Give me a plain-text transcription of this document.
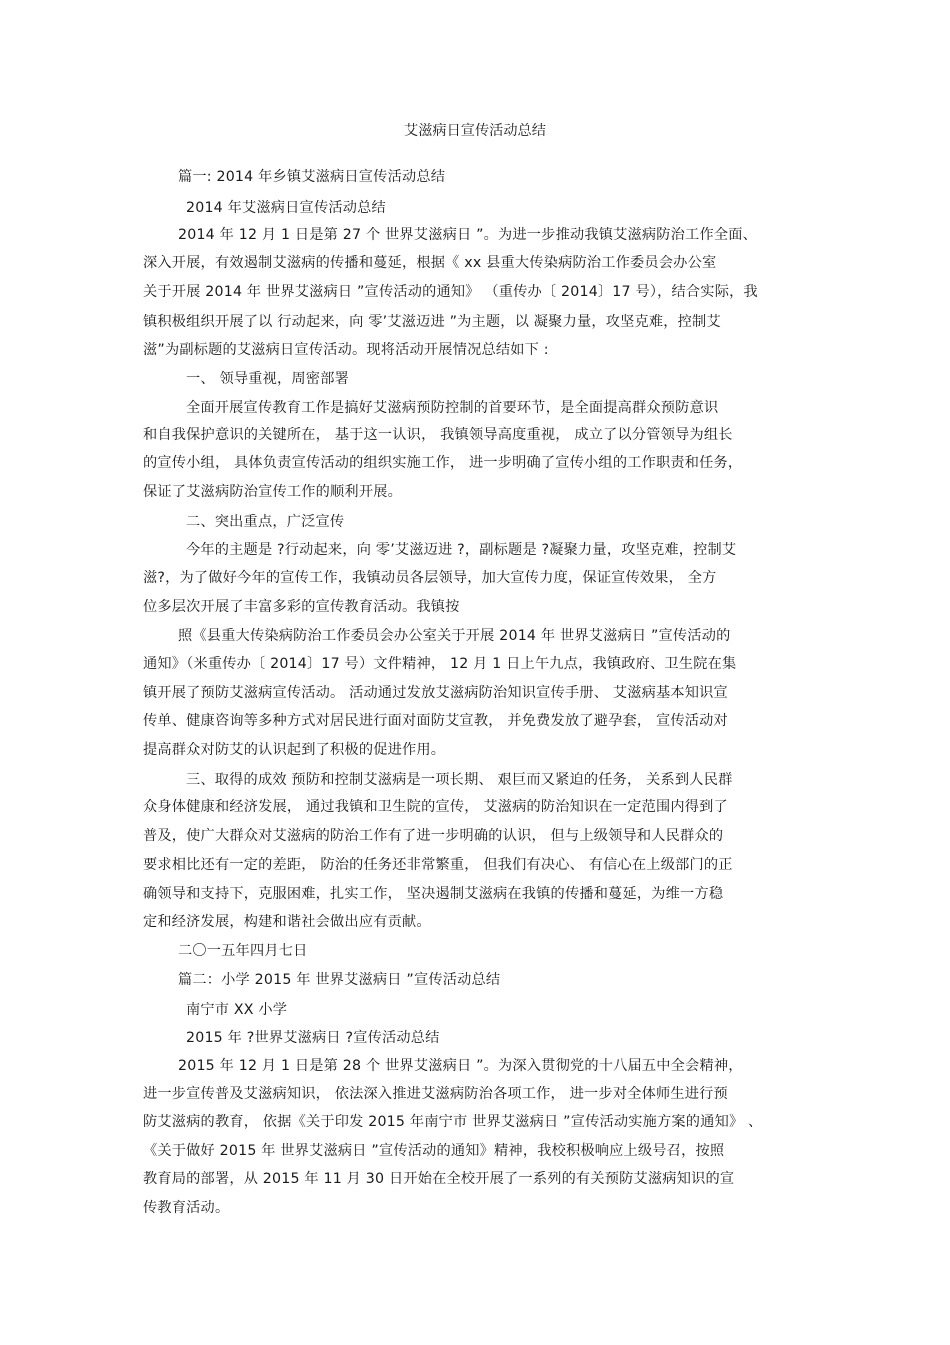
艾滋病日宣传活动总结
篇一: 2014 年乡镇艾滋病日宣传活动总结
2014 年艾滋病日宣传活动总结
2014 年 12 月 1 日是第 27 个 世界艾滋病日 ”。为进一步推动我镇艾滋病防治工作全面、
深入开展，有效遏制艾滋病的传播和蔓延，根据《 xx 县重大传染病防治工作委员会办公室
关于开展 2014 年 世界艾滋病日 ”宣传活动的通知》 （重传办〔 2014〕17 号），结合实际，我
镇积极组织开展了以 行动起来，向 零’艾滋迈进 ”为主题，以 凝聚力量，攻坚克难，控制艾
滋”为副标题的艾滋病日宣传活动。现将活动开展情况总结如下 :
一、 领导重视，周密部署
全面开展宣传教育工作是搞好艾滋病预防控制的首要环节，是全面提高群众预防意识
和自我保护意识的关键所在， 基于这一认识， 我镇领导高度重视， 成立了以分管领导为组长
的宣传小组， 具体负责宣传活动的组织实施工作， 进一步明确了宣传小组的工作职责和任务，
保证了艾滋病防治宣传工作的顺利开展。
二、突出重点，广泛宣传
今年的主题是 ?行动起来，向 零’艾滋迈进 ?，副标题是 ?凝聚力量，攻坚克难，控制艾
滋?，为了做好今年的宣传工作，我镇动员各层领导，加大宣传力度，保证宣传效果， 全方
位多层次开展了丰富多彩的宣传教育活动。我镇按
照《县重大传染病防治工作委员会办公室关于开展 2014 年 世界艾滋病日 ”宣传活动的
通知》（米重传办〔 2014〕17 号）文件精神， 12 月 1 日上午九点，我镇政府、卫生院在集
镇开展了预防艾滋病宣传活动。 活动通过发放艾滋病防治知识宣传手册、 艾滋病基本知识宣
传单、健康咨询等多种方式对居民进行面对面防艾宣教， 并免费发放了避孕套， 宣传活动对
提高群众对防艾的认识起到了积极的促进作用。
三、取得的成效 预防和控制艾滋病是一项长期、 艰巨而又紧迫的任务， 关系到人民群
众身体健康和经济发展， 通过我镇和卫生院的宣传， 艾滋病的防治知识在一定范围内得到了
普及，使广大群众对艾滋病的防治工作有了进一步明确的认识， 但与上级领导和人民群众的
要求相比还有一定的差距， 防治的任务还非常繁重， 但我们有决心、 有信心在上级部门的正
确领导和支持下，克服困难，扎实工作， 坚决遏制艾滋病在我镇的传播和蔓延，为维一方稳
定和经济发展，构建和谐社会做出应有贡献。
二〇一五年四月七日
篇二：小学 2015 年 世界艾滋病日 ”宣传活动总结
南宁市 XX 小学
2015 年 ?世界艾滋病日 ?宣传活动总结
2015 年 12 月 1 日是第 28 个 世界艾滋病日 ”。为深入贯彻党的十八届五中全会精神，
进一步宣传普及艾滋病知识， 依法深入推进艾滋病防治各项工作， 进一步对全体师生进行预
防艾滋病的教育， 依据《关于印发 2015 年南宁市 世界艾滋病日 ”宣传活动实施方案的通知》 、
《关于做好 2015 年 世界艾滋病日 ”宣传活动的通知》精神，我校积极响应上级号召，按照
教育局的部署，从 2015 年 11 月 30 日开始在全校开展了一系列的有关预防艾滋病知识的宣
传教育活动。
